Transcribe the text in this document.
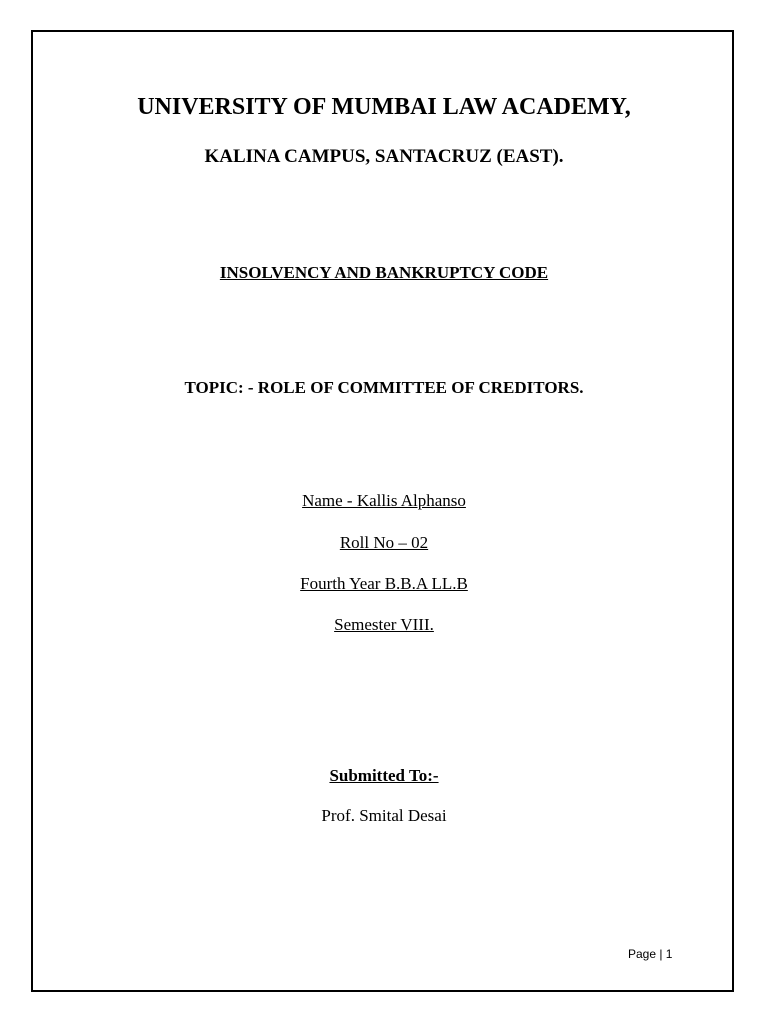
UNIVERSITY OF MUMBAI LAW ACADEMY,
KALINA CAMPUS, SANTACRUZ (EAST).
INSOLVENCY AND BANKRUPTCY CODE
TOPIC: - ROLE OF COMMITTEE OF CREDITORS.
Name - Kallis Alphanso
Roll No – 02
Fourth Year B.B.A LL.B
Semester VIII.
Submitted To:-
Prof. Smital Desai
Page | 1
